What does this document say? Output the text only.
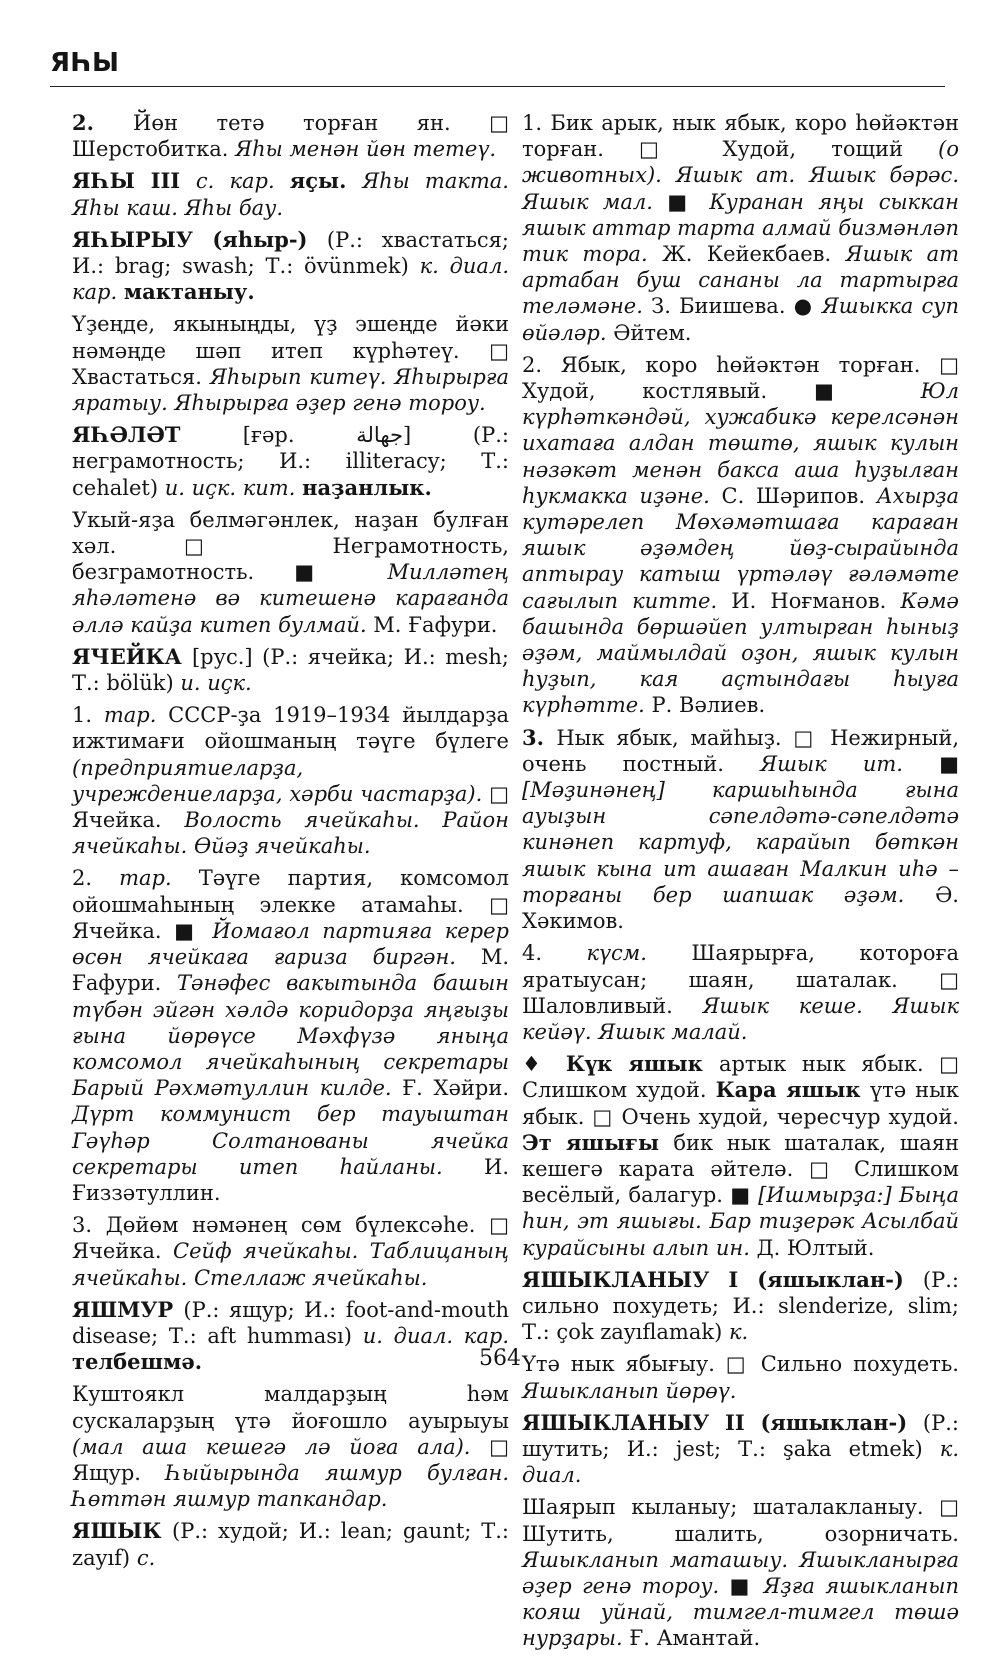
ЯҺЫ

2. Йөн тетә торған ян. □ Шерстобитка. Яһы менән йөн тетеү.

ЯҺЫ III с. кар. яҫы. Яһы такта. Яһы каш. Яһы бау.

ЯҺЫРЫУ (яһыр-) (Р.: хвастаться; И.: brag; swash; Т.: övünmek) к. диал. кар. мактаныу.

Үҙеңде, якыныңды, үҙ эшеңде йәки нәмәңде шәп итеп күрһәтеү. □ Хвастаться. Яһырып китеү. Яһырырға яратыу. Яһырырға әҙер генә тороу.

ЯҺӘЛӘТ [ғәр. جهالة] (Р.: неграмотность; И.: illiteracy; Т.: cehalet) и. иҫк. кит. наҙанлык.

Укый-яҙа белмәгәнлек, наҙан булған хәл. □ Неграмотность, безграмотность. ■ Милләтең яһәләтенә вә китешенә карағанда әллә кайҙа китеп булмай. М. Ғафури.

ЯЧЕЙКА [рус.] (Р.: ячейка; И.: mesh; Т.: bölük) и. иҫк.

1. тар. СССР-ҙа 1919–1934 йылдарҙа ижтимағи ойошманың тәүге бүлеге (предприятиеларҙа, учреждениеларҙа, хәрби частарҙа). □ Ячейка. Волость ячейкаһы. Район ячейкаһы. Өйәҙ ячейкаһы.

2. тар. Тәүге партия, комсомол ойошмаһының элекке атамаһы. □ Ячейка. ■ Йомағол партияға керер өсөн ячейкаға ғариза биргән. М. Ғафури. Тәнәфес вакытында башын түбән эйгән хәлдә коридорҙа яңғыҙы ғына йөрөүсе Мәхфүзә яныңа комсомол ячейкаһының секретары Барый Рәхмәтуллин килде. Ғ. Хәйри. Дүрт коммунист бер тауыштан Гәүһәр Солтанованы ячейка секретары итеп һайланы. И. Ғиззәтуллин.

3. Дөйөм нәмәнең сөм бүлексәһе. □ Ячейка. Сейф ячейкаһы. Таблицаның ячейкаһы. Стеллаж ячейкаһы.

ЯШМУР (Р.: ящур; И.: foot-and-mouth disease; Т.: aft humması) и. диал. кар. телбешмә.

Куштоякл малдарҙың һәм сускаларҙың үтә йоғошло ауырыуы (мал аша кешегә лә йоға ала). □ Ящур. Һыйырында яшмур булған. Һөттән яшмур тапкандар.

ЯШЫК (Р.: худой; И.: lean; gaunt; Т.: zayıf) с.

1. Бик арык, нык ябык, коро һөйәктән торған. □ Худой, тощий (о животных). Яшык ат. Яшык бәрәс. Яшык мал. ■ Куранан яңы сыккан яшык аттар тарта алмай бизмәнләп тик тора. Ж. Кейекбаев. Яшык ат артабан буш сананы ла тартырға теләмәне. З. Биишева. ● Яшыкка суп өйәләр. Әйтем.

2. Ябык, коро һөйәктән торған. □ Худой, костлявый. ■ Юл күрһәткәндәй, хужабикә керелсәнән ихатаға алдан төштө, яшык кулын нәзәкәт менән бакса аша һуҙылған һукмакка иҙәне. С. Шәрипов. Ахырҙа кутәрелеп Мөхәмәтшаға караған яшык әҙәмдең йөҙ-сырайында аптырау катыш үртәләү ғәләмәте сағылып китте. И. Ноғманов. Кәмә башында бөршәйеп ултырған һыныҙ әҙәм, маймылдай оҙон, яшык кулын һуҙып, кая аҫтындағы һыуға күрһәтте. Р. Вәлиев.

3. Нык ябык, майһыҙ. □ Нежирный, очень постный. Яшык ит. ■ [Мәҙинәнең] каршыһында ғына ауыҙын сәпелдәтә-сәпелдәтә кинәнеп картуф, карайып бөткән яшык кына ит ашаған Малкин иһә – торғаны бер шапшак әҙәм. Ә. Хәкимов.

4. күсм. Шаярырға, котороға яратыусан; шаян, шаталак. □ Шаловливый. Яшык кеше. Яшык кейәү. Яшык малай.

♦ Күк яшык артык нык ябык. □ Слишком худой. Кара яшык үтә нык ябык. □ Очень худой, чересчур худой. Эт яшығы бик нык шаталак, шаян кешегә карата әйтелә. □ Слишком весёлый, балагур. ■ [Ишмырҙа:] Быңа һин, эт яшығы. Бар тиҙерәк Асылбай курайсыны алып ин. Д. Юлтый.

ЯШЫКЛАНЫУ I (яшыклан-) (Р.: сильно похудеть; И.: slenderize, slim; Т.: çok zayıflamak) к.

Үтә нык ябығыу. □ Сильно похудеть. Яшыкланып йөрөү.

ЯШЫКЛАНЫУ II (яшыклан-) (Р.: шутить; И.: jest; Т.: şaka etmek) к. диал.

Шаярып кыланыу; шаталакланыу. □ Шутить, шалить, озорничать. Яшыкланып маташыу. Яшыкланырға әҙер генә тороу. ■ Яҙға яшыкланып кояш уйнай, тимгел-тимгел төшә нурҙары. Ғ. Амантай.

564
